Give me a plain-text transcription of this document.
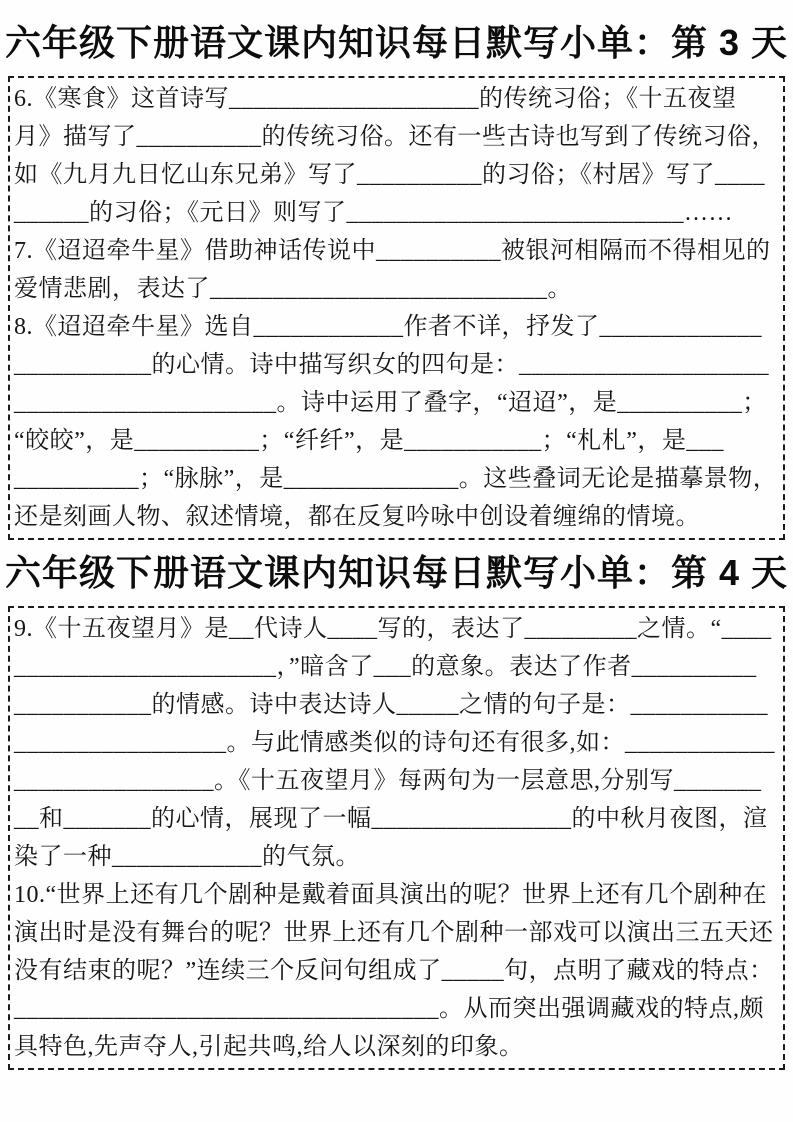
六年级下册语文课内知识每日默写小单：第 3 天
6.《寒食》这首诗写____________________的传统习俗；《十五夜望
月》描写了__________的传统习俗。还有一些古诗也写到了传统习俗，
如《九月九日忆山东兄弟》写了__________的习俗；《村居》写了____
______的习俗；《元日》则写了___________________________……
7.《迢迢牵牛星》借助神话传说中__________被银河相隔而不得相见的
爱情悲剧，表达了___________________________。
8.《迢迢牵牛星》选自____________作者不详，抒发了_____________
___________的心情。诗中描写织女的四句是：____________________
_____________________。诗中运用了叠字，“迢迢”，是__________；
“皎皎”，是__________；“纤纤”，是___________；“札札”，是___
__________；“脉脉”，是______________。这些叠词无论是描摹景物，
还是刻画人物、叙述情境，都在反复吟咏中创设着缠绵的情境。
六年级下册语文课内知识每日默写小单：第 4 天
9.《十五夜望月》是__代诗人____写的，表达了_________之情。“____
_____________________，”暗含了___的意象。表达了作者__________
___________的情感。诗中表达诗人_____之情的句子是：___________
_________________。与此情感类似的诗句还有很多,如：____________
________________。《十五夜望月》每两句为一层意思,分别写_______
__和_______的心情，展现了一幅________________的中秋月夜图，渲
染了一种____________的气氛。
10.“世界上还有几个剧种是戴着面具演出的呢？世界上还有几个剧种在
演出时是没有舞台的呢？世界上还有几个剧种一部戏可以演出三五天还
没有结束的呢？”连续三个反问句组成了_____句，点明了藏戏的特点：
__________________________________。从而突出强调藏戏的特点,颇
具特色,先声夺人,引起共鸣,给人以深刻的印象。
